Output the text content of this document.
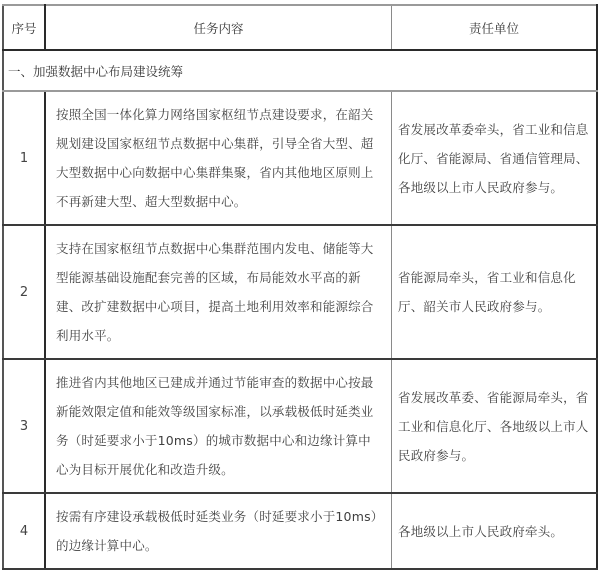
序号	任务内容	责任单位
一、加强数据中心布局建设统筹		
1	按照全国一体化算力网络国家枢纽节点建设要求，在韶关规划建设国家枢纽节点数据中心集群，引导全省大型、超大型数据中心向数据中心集群集聚，省内其他地区原则上不再新建大型、超大型数据中心。	省发展改革委牵头，省工业和信息化厅、省能源局、省通信管理局、各地级以上市人民政府参与。
2	支持在国家枢纽节点数据中心集群范围内发电、储能等大型能源基础设施配套完善的区域，布局能效水平高的新建、改扩建数据中心项目，提高土地利用效率和能源综合利用水平。	省能源局牵头，省工业和信息化厅、韶关市人民政府参与。
3	推进省内其他地区已建成并通过节能审查的数据中心按最新能效限定值和能效等级国家标准，以承载极低时延类业务（时延要求小于10ms）的城市数据中心和边缘计算中心为目标开展优化和改造升级。	省发展改革委、省能源局牵头，省工业和信息化厅、各地级以上市人民政府参与。
4	按需有序建设承载极低时延类业务（时延要求小于10ms）的边缘计算中心。	各地级以上市人民政府牵头。
